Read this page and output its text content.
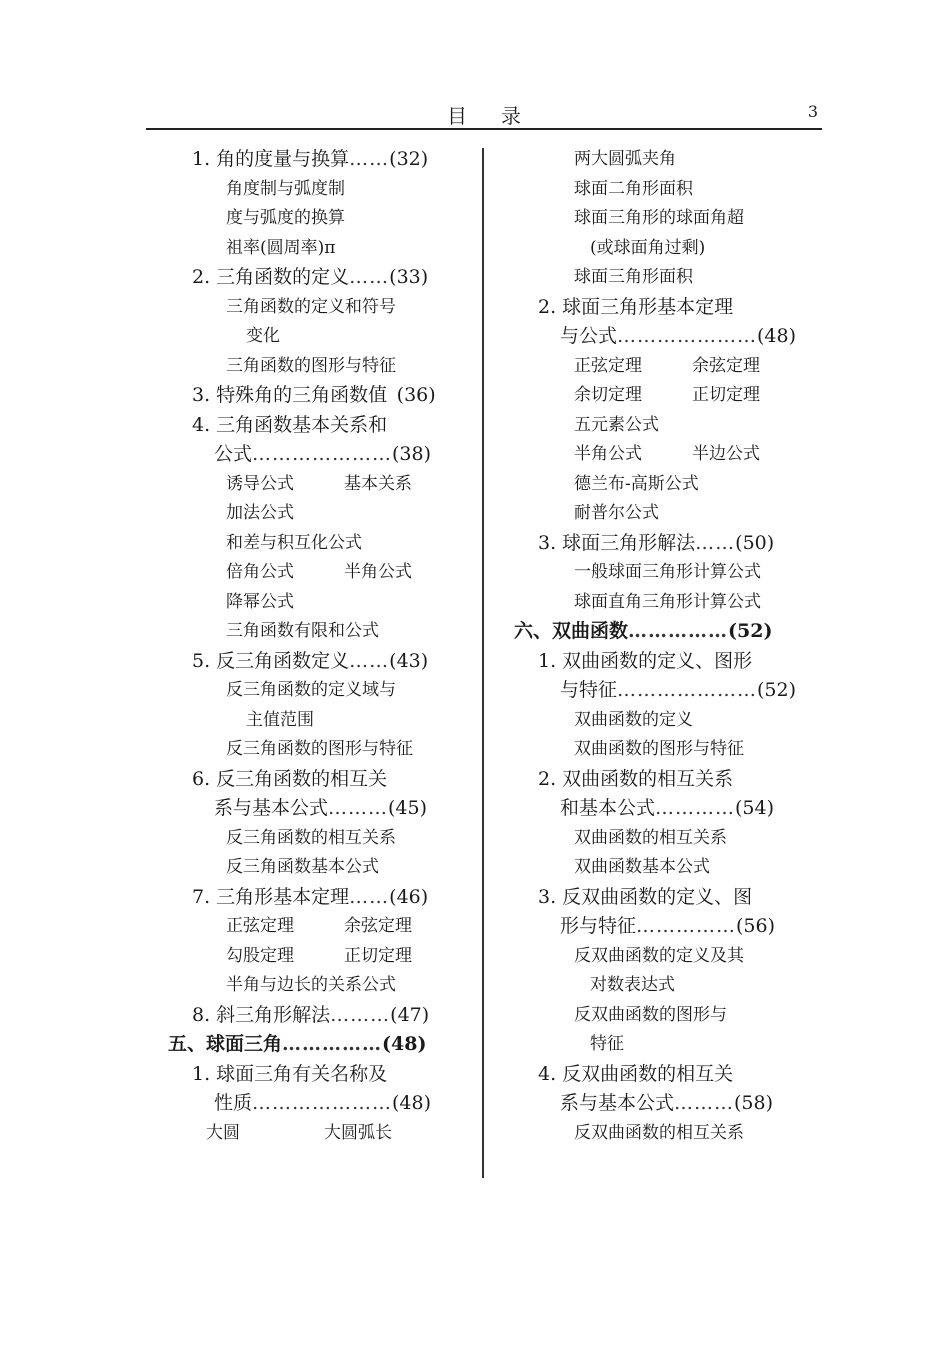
目录	3
1. 角的度量与换算……(32)
角度制与弧度制
度与弧度的换算
祖率(圆周率)π
2. 三角函数的定义……(33)
三角函数的定义和符号
变化
三角函数的图形与特征
3. 特殊角的三角函数值 (36)
4. 三角函数基本关系和
公式…………………(38)
诱导公式	基本关系
加法公式
和差与积互化公式
倍角公式	半角公式
降幂公式
三角函数有限和公式
5. 反三角函数定义……(43)
反三角函数的定义域与
主值范围
反三角函数的图形与特征
6. 反三角函数的相互关
系与基本公式………(45)
反三角函数的相互关系
反三角函数基本公式
7. 三角形基本定理……(46)
正弦定理	余弦定理
勾股定理	正切定理
半角与边长的关系公式
8. 斜三角形解法………(47)
五、球面三角……………(48)
1. 球面三角有关名称及
性质…………………(48)
大圆	大圆弧长
两大圆弧夹角
球面二角形面积
球面三角形的球面角超
(或球面角过剩)
球面三角形面积
2. 球面三角形基本定理
与公式…………………(48)
正弦定理	余弦定理
余切定理	正切定理
五元素公式
半角公式	半边公式
德兰布-高斯公式
耐普尔公式
3. 球面三角形解法……(50)
一般球面三角形计算公式
球面直角三角形计算公式
六、双曲函数……………(52)
1. 双曲函数的定义、图形
与特征…………………(52)
双曲函数的定义
双曲函数的图形与特征
2. 双曲函数的相互关系
和基本公式…………(54)
双曲函数的相互关系
双曲函数基本公式
3. 反双曲函数的定义、图
形与特征……………(56)
反双曲函数的定义及其
对数表达式
反双曲函数的图形与
特征
4. 反双曲函数的相互关
系与基本公式………(58)
反双曲函数的相互关系
